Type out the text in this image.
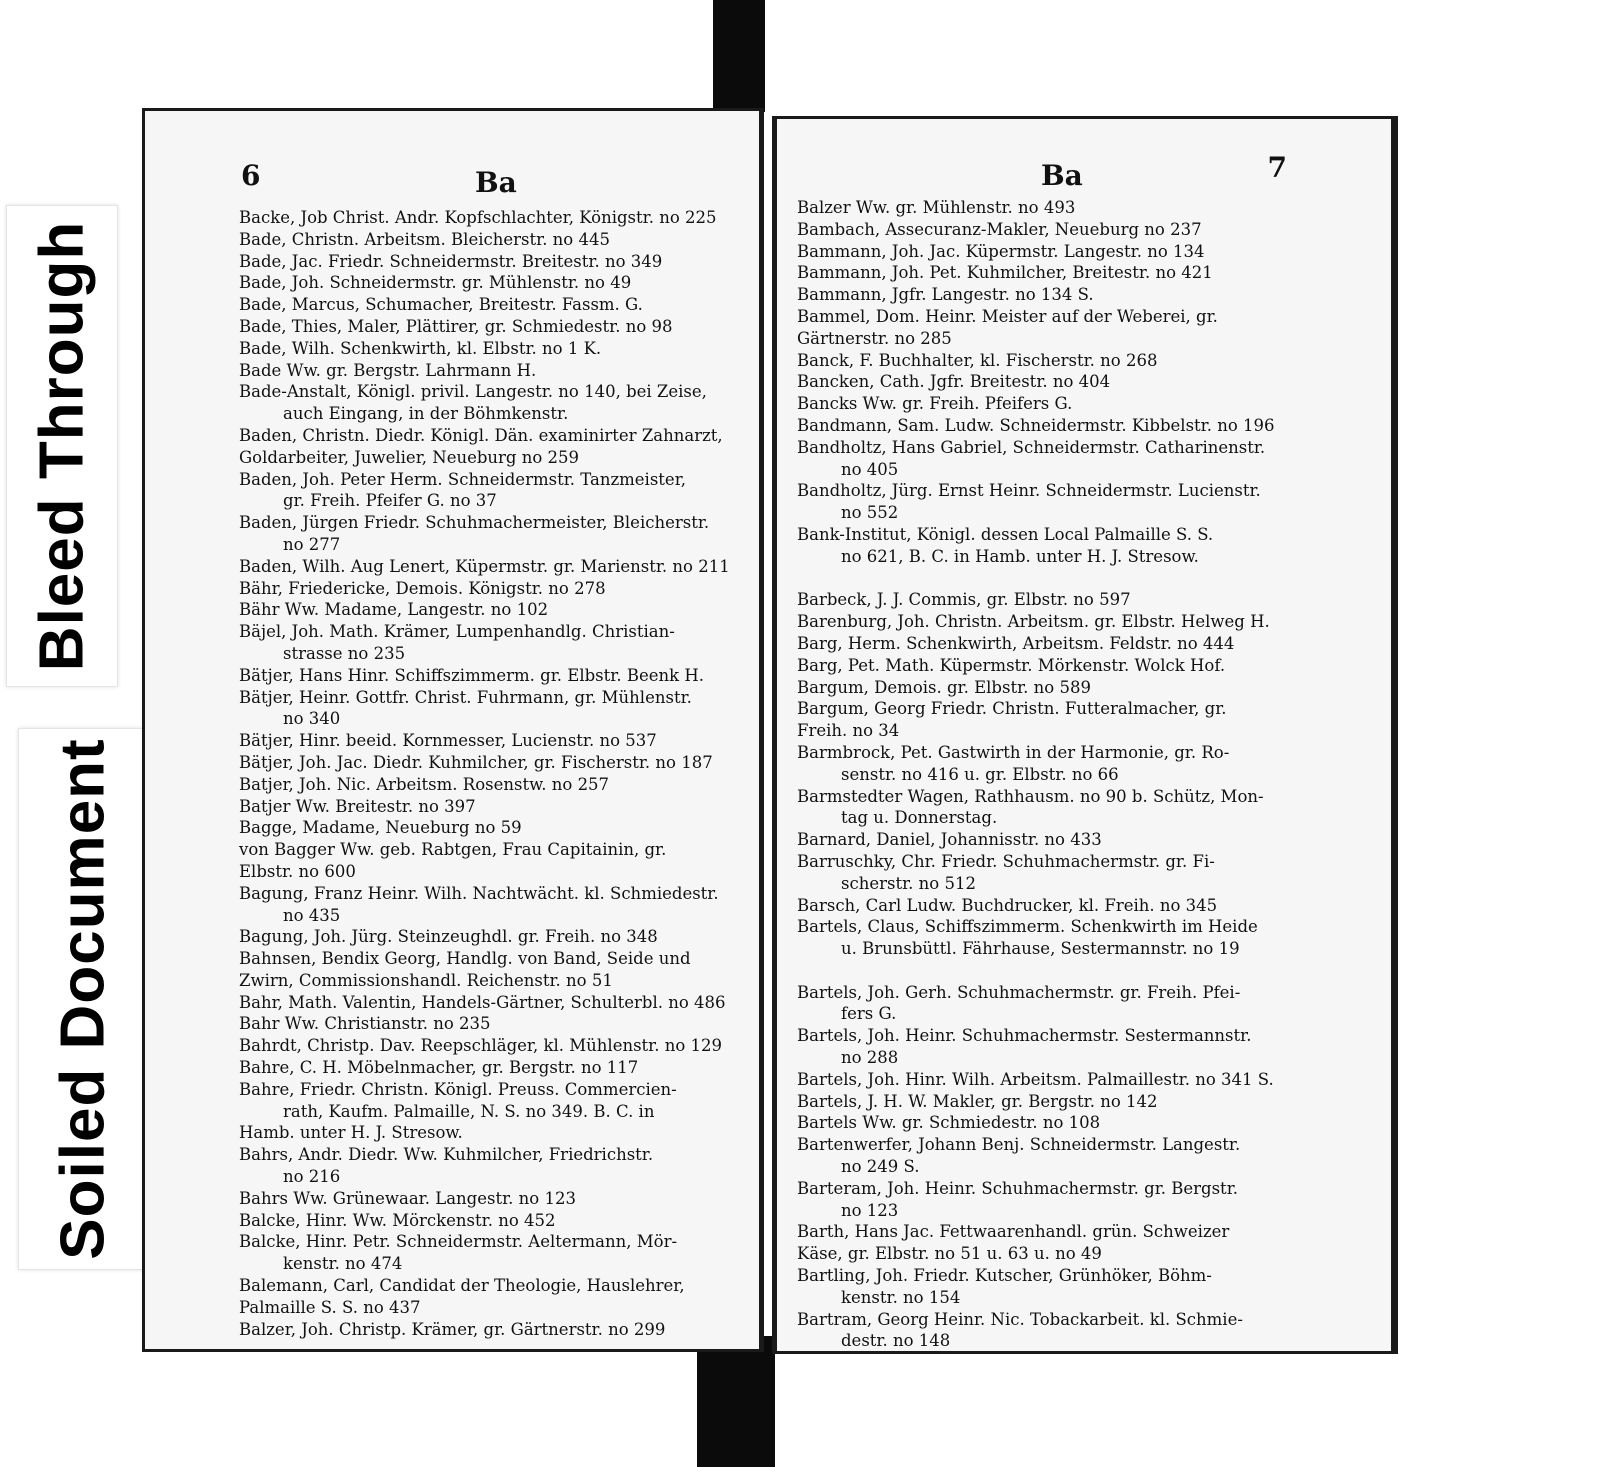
Bleed Through
Soiled Document
6	Ba
Backe, Job Christ. Andr. Kopfschlachter, Königstr. no 225
Bade, Christn. Arbeitsm. Bleicherstr. no 445
Bade, Jac. Friedr. Schneidermstr. Breitestr. no 349
Bade, Joh. Schneidermstr. gr. Mühlenstr. no 49
Bade, Marcus, Schumacher, Breitestr. Fassm. G.
Bade, Thies, Maler, Plättirer, gr. Schmiedestr. no 98
Bade, Wilh. Schenkwirth, kl. Elbstr. no 1 K.
Bade Ww. gr. Bergstr. Lahrmann H.
Bade-Anstalt, Königl. privil. Langestr. no 140, bei Zeise,
auch Eingang, in der Böhmkenstr.
Baden, Christn. Diedr. Königl. Dän. examinirter Zahnarzt,
Goldarbeiter, Juwelier, Neueburg no 259
Baden, Joh. Peter Herm. Schneidermstr. Tanzmeister,
gr. Freih. Pfeifer G. no 37
Baden, Jürgen Friedr. Schuhmachermeister, Bleicherstr.
no 277
Baden, Wilh. Aug Lenert, Küpermstr. gr. Marienstr. no 211
Bähr, Friedericke, Demois. Königstr. no 278
Bähr Ww. Madame, Langestr. no 102
Bäjel, Joh. Math. Krämer, Lumpenhandlg. Christian-
strasse no 235
Bätjer, Hans Hinr. Schiffszimmerm. gr. Elbstr. Beenk H.
Bätjer, Heinr. Gottfr. Christ. Fuhrmann, gr. Mühlenstr.
no 340
Bätjer, Hinr. beeid. Kornmesser, Lucienstr. no 537
Bätjer, Joh. Jac. Diedr. Kuhmilcher, gr. Fischerstr. no 187
Batjer, Joh. Nic. Arbeitsm. Rosenstw. no 257
Batjer Ww. Breitestr. no 397
Bagge, Madame, Neueburg no 59
von Bagger Ww. geb. Rabtgen, Frau Capitainin, gr.
Elbstr. no 600
Bagung, Franz Heinr. Wilh. Nachtwächt. kl. Schmiedestr.
no 435
Bagung, Joh. Jürg. Steinzeughdl. gr. Freih. no 348
Bahnsen, Bendix Georg, Handlg. von Band, Seide und
Zwirn, Commissionshandl. Reichenstr. no 51
Bahr, Math. Valentin, Handels-Gärtner, Schulterbl. no 486
Bahr Ww. Christianstr. no 235
Bahrdt, Christp. Dav. Reepschläger, kl. Mühlenstr. no 129
Bahre, C. H. Möbelnmacher, gr. Bergstr. no 117
Bahre, Friedr. Christn. Königl. Preuss. Commercien-
rath, Kaufm. Palmaille, N. S. no 349. B. C. in
Hamb. unter H. J. Stresow.
Bahrs, Andr. Diedr. Ww. Kuhmilcher, Friedrichstr.
no 216
Bahrs Ww. Grünewaar. Langestr. no 123
Balcke, Hinr. Ww. Mörckenstr. no 452
Balcke, Hinr. Petr. Schneidermstr. Aeltermann, Mör-
kenstr. no 474
Balemann, Carl, Candidat der Theologie, Hauslehrer,
Palmaille S. S. no 437
Balzer, Joh. Christp. Krämer, gr. Gärtnerstr. no 299
7
Ba
Balzer Ww. gr. Mühlenstr. no 493
Bambach, Assecuranz-Makler, Neueburg no 237
Bammann, Joh. Jac. Küpermstr. Langestr. no 134
Bammann, Joh. Pet. Kuhmilcher, Breitestr. no 421
Bammann, Jgfr. Langestr. no 134 S.
Bammel, Dom. Heinr. Meister auf der Weberei, gr.
Gärtnerstr. no 285
Banck, F. Buchhalter, kl. Fischerstr. no 268
Bancken, Cath. Jgfr. Breitestr. no 404
Bancks Ww. gr. Freih. Pfeifers G.
Bandmann, Sam. Ludw. Schneidermstr. Kibbelstr. no 196
Bandholtz, Hans Gabriel, Schneidermstr. Catharinenstr.
no 405
Bandholtz, Jürg. Ernst Heinr. Schneidermstr. Lucienstr.
no 552
Bank-Institut, Königl. dessen Local Palmaille S. S.
no 621, B. C. in Hamb. unter H. J. Stresow.

Barbeck, J. J. Commis, gr. Elbstr. no 597
Barenburg, Joh. Christn. Arbeitsm. gr. Elbstr. Helweg H.
Barg, Herm. Schenkwirth, Arbeitsm. Feldstr. no 444
Barg, Pet. Math. Küpermstr. Mörkenstr. Wolck Hof.
Bargum, Demois. gr. Elbstr. no 589
Bargum, Georg Friedr. Christn. Futteralmacher, gr.
Freih. no 34
Barmbrock, Pet. Gastwirth in der Harmonie, gr. Ro-
senstr. no 416 u. gr. Elbstr. no 66
Barmstedter Wagen, Rathhausm. no 90 b. Schütz, Mon-
tag u. Donnerstag.
Barnard, Daniel, Johannisstr. no 433
Barruschky, Chr. Friedr. Schuhmachermstr. gr. Fi-
scherstr. no 512
Barsch, Carl Ludw. Buchdrucker, kl. Freih. no 345
Bartels, Claus, Schiffszimmerm. Schenkwirth im Heide
u. Brunsbüttl. Fährhause, Sestermannstr. no 19

Bartels, Joh. Gerh. Schuhmachermstr. gr. Freih. Pfei-
fers G.
Bartels, Joh. Heinr. Schuhmachermstr. Sestermannstr.
no 288
Bartels, Joh. Hinr. Wilh. Arbeitsm. Palmaillestr. no 341 S.
Bartels, J. H. W. Makler, gr. Bergstr. no 142
Bartels Ww. gr. Schmiedestr. no 108
Bartenwerfer, Johann Benj. Schneidermstr. Langestr.
no 249 S.
Barteram, Joh. Heinr. Schuhmachermstr. gr. Bergstr.
no 123
Barth, Hans Jac. Fettwaarenhandl. grün. Schweizer
Käse, gr. Elbstr. no 51 u. 63 u. no 49
Bartling, Joh. Friedr. Kutscher, Grünhöker, Böhm-
kenstr. no 154
Bartram, Georg Heinr. Nic. Tobackarbeit. kl. Schmie-
destr. no 148
